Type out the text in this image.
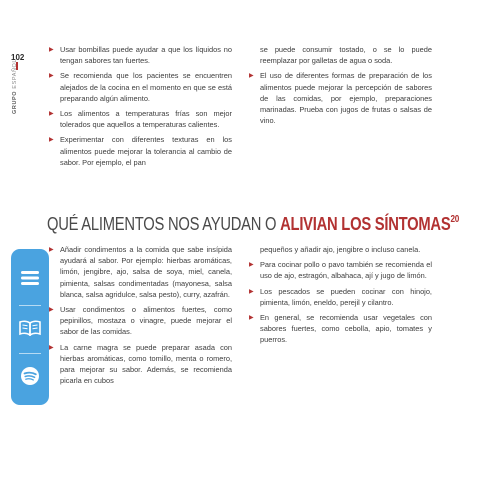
102
GRUPO ESPAÑOL
▶ Usar bombillas puede ayudar a que los líquidos no tengan sabores tan fuertes.
▶ Se recomienda que los pacientes se encuentren alejados de la cocina en el momento en que se está preparando algún alimento.
▶ Los alimentos a temperaturas frías son mejor tolerados que aquellos a temperaturas calientes.
▶ Experimentar con diferentes texturas en los alimentos puede mejorar la tolerancia al cambio de sabor. Por ejemplo, el pan
se puede consumir tostado, o se lo puede reemplazar por galletas de agua o soda.
▶ El uso de diferentes formas de preparación de los alimentos puede mejorar la percepción de sabores de las comidas, por ejemplo, preparaciones marinadas. Prueba con jugos de frutas o salsas de vino.
QUÉ ALIMENTOS NOS AYUDAN O ALIVIAN LOS SÍNTOMAS$^{20}$
▶ Añadir condimentos a la comida que sabe insípida ayudará al sabor. Por ejemplo: hierbas aromáticas, limón, jengibre, ajo, salsa de soya, miel, canela, pimienta, salsas condimentadas (mayonesa, salsa blanca, salsa agridulce, salsa pesto), curry, azafrán.
▶ Usar condimentos o alimentos fuertes, como pepinillos, mostaza o vinagre, puede mejorar el sabor de las comidas.
▶ La carne magra se puede preparar asada con hierbas aromáticas, como tomillo, menta o romero, para mejorar su sabor. Además, se recomienda picarla en cubos
pequeños y añadir ajo, jengibre o incluso canela.
▶ Para cocinar pollo o pavo también se recomienda el uso de ajo, estragón, albahaca, ají y jugo de limón.
▶ Los pescados se pueden cocinar con hinojo, pimienta, limón, eneldo, perejil y cilantro.
▶ En general, se recomienda usar vegetales con sabores fuertes, como cebolla, apio, tomates y puerros.
